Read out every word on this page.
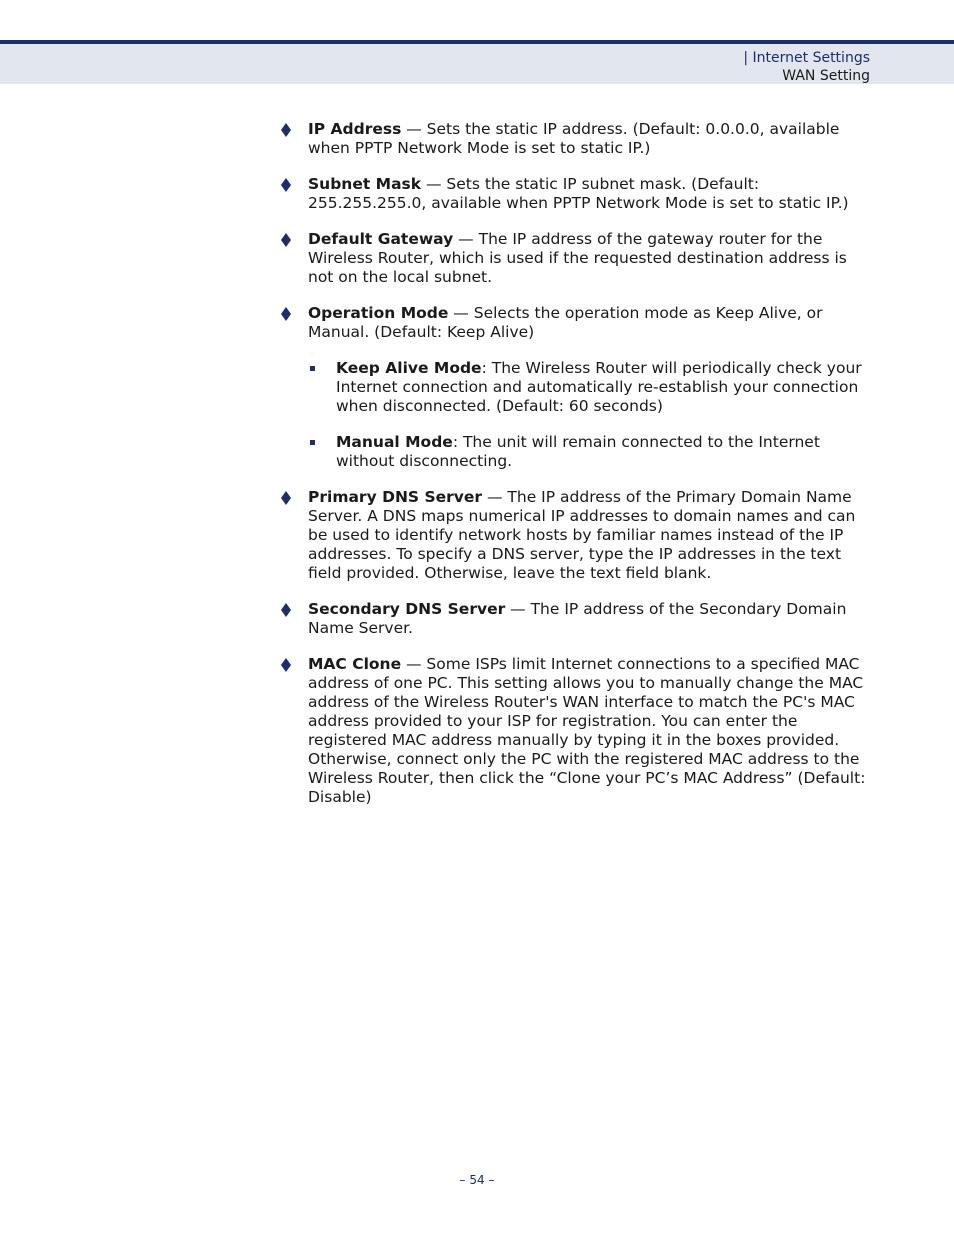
| Internet Settings
WAN Setting
IP Address — Sets the static IP address. (Default: 0.0.0.0, available when PPTP Network Mode is set to static IP.)
Subnet Mask — Sets the static IP subnet mask. (Default: 255.255.255.0, available when PPTP Network Mode is set to static IP.)
Default Gateway — The IP address of the gateway router for the Wireless Router, which is used if the requested destination address is not on the local subnet.
Operation Mode — Selects the operation mode as Keep Alive, or Manual. (Default: Keep Alive)
Keep Alive Mode: The Wireless Router will periodically check your Internet connection and automatically re-establish your connection when disconnected. (Default: 60 seconds)
Manual Mode: The unit will remain connected to the Internet without disconnecting.
Primary DNS Server — The IP address of the Primary Domain Name Server. A DNS maps numerical IP addresses to domain names and can be used to identify network hosts by familiar names instead of the IP addresses. To specify a DNS server, type the IP addresses in the text field provided. Otherwise, leave the text field blank.
Secondary DNS Server — The IP address of the Secondary Domain Name Server.
MAC Clone — Some ISPs limit Internet connections to a specified MAC address of one PC. This setting allows you to manually change the MAC address of the Wireless Router's WAN interface to match the PC's MAC address provided to your ISP for registration. You can enter the registered MAC address manually by typing it in the boxes provided. Otherwise, connect only the PC with the registered MAC address to the Wireless Router, then click the “Clone your PC’s MAC Address” (Default: Disable)
– 54 –
